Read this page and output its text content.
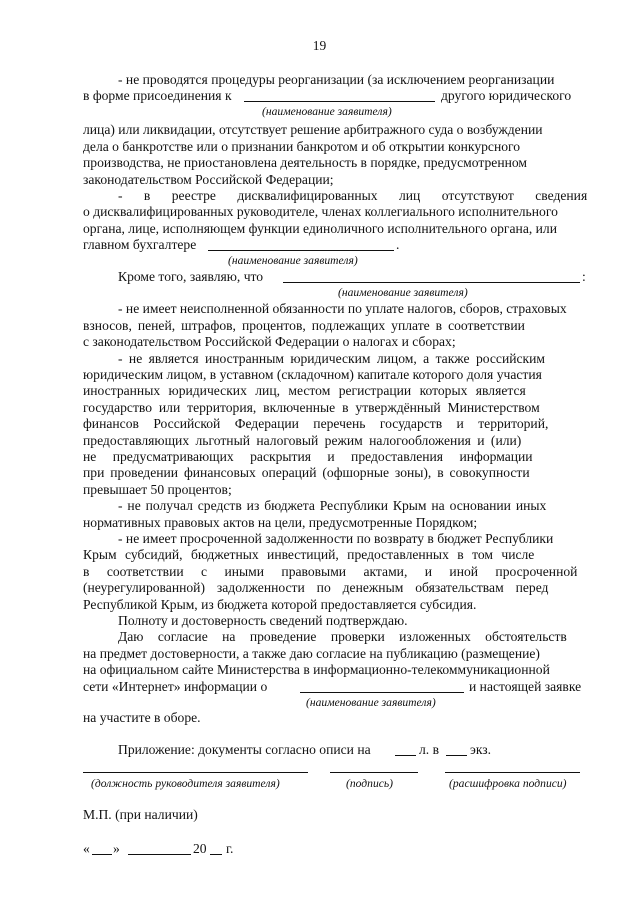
19
- не проводятся процедуры реорганизации (за исключением реорганизации
в форме присоединения к	другого юридического
(наименование заявителя)
лица) или ликвидации, отсутствует решение арбитражного суда о возбуждении
дела о банкротстве или о признании банкротом и об открытии конкурсного
производства, не приостановлена деятельность в порядке, предусмотренном
законодательством Российской Федерации;
- в реестре дисквалифицированных лиц отсутствуют сведения
о дисквалифицированных руководителе, членах коллегиального исполнительного
органа, лице, исполняющем функции единоличного исполнительного органа, или
главном бухгалтере	.
(наименование заявителя)
Кроме того, заявляю, что	:
(наименование заявителя)
- не имеет неисполненной обязанности по уплате налогов, сборов, страховых
взносов, пеней, штрафов, процентов, подлежащих уплате в соответствии
с законодательством Российской Федерации о налогах и сборах;
- не является иностранным юридическим лицом, а также российским
юридическим лицом, в уставном (складочном) капитале которого доля участия
иностранных юридических лиц, местом регистрации которых является
государство или территория, включенные в утверждённый Министерством
финансов Российской Федерации перечень государств и территорий,
предоставляющих льготный налоговый режим налогообложения и (или)
не предусматривающих раскрытия и предоставления информации
при проведении финансовых операций (офшорные зоны), в совокупности
превышает 50 процентов;
- не получал средств из бюджета Республики Крым на основании иных
нормативных правовых актов на цели, предусмотренные Порядком;
- не имеет просроченной задолженности по возврату в бюджет Республики
Крым субсидий, бюджетных инвестиций, предоставленных в том числе
в соответствии с иными правовыми актами, и иной просроченной
(неурегулированной) задолженности по денежным обязательствам перед
Республикой Крым, из бюджета которой предоставляется субсидия.
Полноту и достоверность сведений подтверждаю.
Даю согласие на проведение проверки изложенных обстоятельств
на предмет достоверности, а также даю согласие на публикацию (размещение)
на официальном сайте Министерства в информационно-телекоммуникационной
сети «Интернет» информации о	и настоящей заявке
(наименование заявителя)
на участите в оборе.
Приложение: документы согласно описи на	л. в экз.
(должность руководителя заявителя)	(подпись)	(расшифровка подписи)
М.П. (при наличии)
« »	20 г.
